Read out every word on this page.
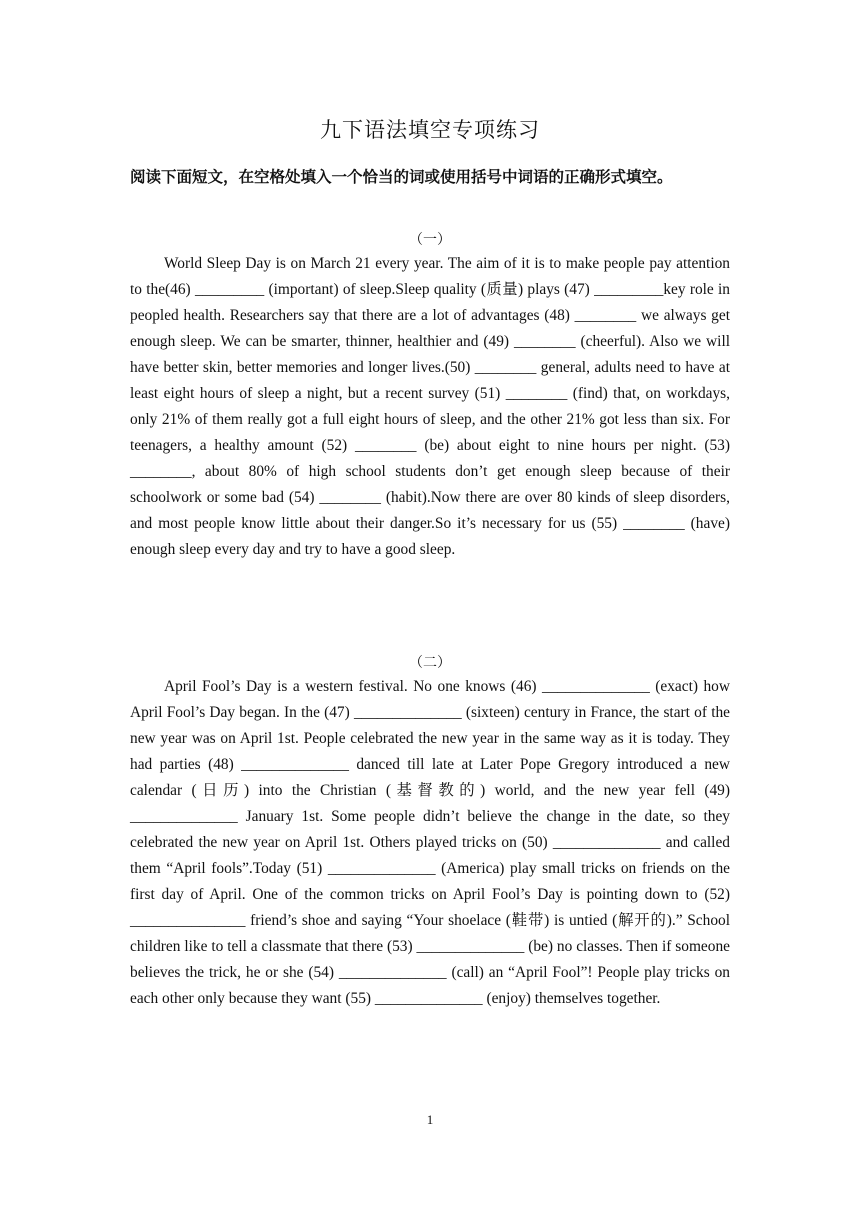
九下语法填空专项练习
阅读下面短文，在空格处填入一个恰当的词或使用括号中词语的正确形式填空。
（一）

World Sleep Day is on March 21 every year. The aim of it is to make people pay attention to the(46) _________ (important) of sleep.Sleep quality (质量) plays (47) _________key role in peopled health. Researchers say that there are a lot of advantages (48) ________ we always get enough sleep. We can be smarter, thinner, healthier and (49) ________ (cheerful). Also we will have better skin, better memories and longer lives.(50) ________ general, adults need to have at least eight hours of sleep a night, but a recent survey (51) ________ (find) that, on workdays, only 21% of them really got a full eight hours of sleep, and the other 21% got less than six. For teenagers, a healthy amount (52) ________ (be) about eight to nine hours per night. (53) ________, about 80% of high school students don’t get enough sleep because of their schoolwork or some bad (54) ________ (habit).Now there are over 80 kinds of sleep disorders, and most people know little about their danger.So it’s necessary for us (55) ________ (have) enough sleep every day and try to have a good sleep.

（二）

April Fool’s Day is a western festival. No one knows (46) ______________ (exact) how April Fool’s Day began. In the (47) ______________ (sixteen) century in France, the start of the new year was on April 1st. People celebrated the new year in the same way as it is today. They had parties (48) ______________ danced till late at Later Pope Gregory introduced a new calendar (日历) into the Christian (基督教的) world, and the new year fell (49) ______________ January 1st. Some people didn’t believe the change in the date, so they celebrated the new year on April 1st. Others played tricks on (50) ______________ and called them “April fools”.Today (51) ______________ (America) play small tricks on friends on the first day of April. One of the common tricks on April Fool’s Day is pointing down to (52) _______________ friend’s shoe and saying “Your shoelace (鞋带) is untied (解开的).” School children like to tell a classmate that there (53) ______________ (be) no classes. Then if someone believes the trick, he or she (54) ______________ (call) an “April Fool”! People play tricks on each other only because they want (55) ______________ (enjoy) themselves together.

1
